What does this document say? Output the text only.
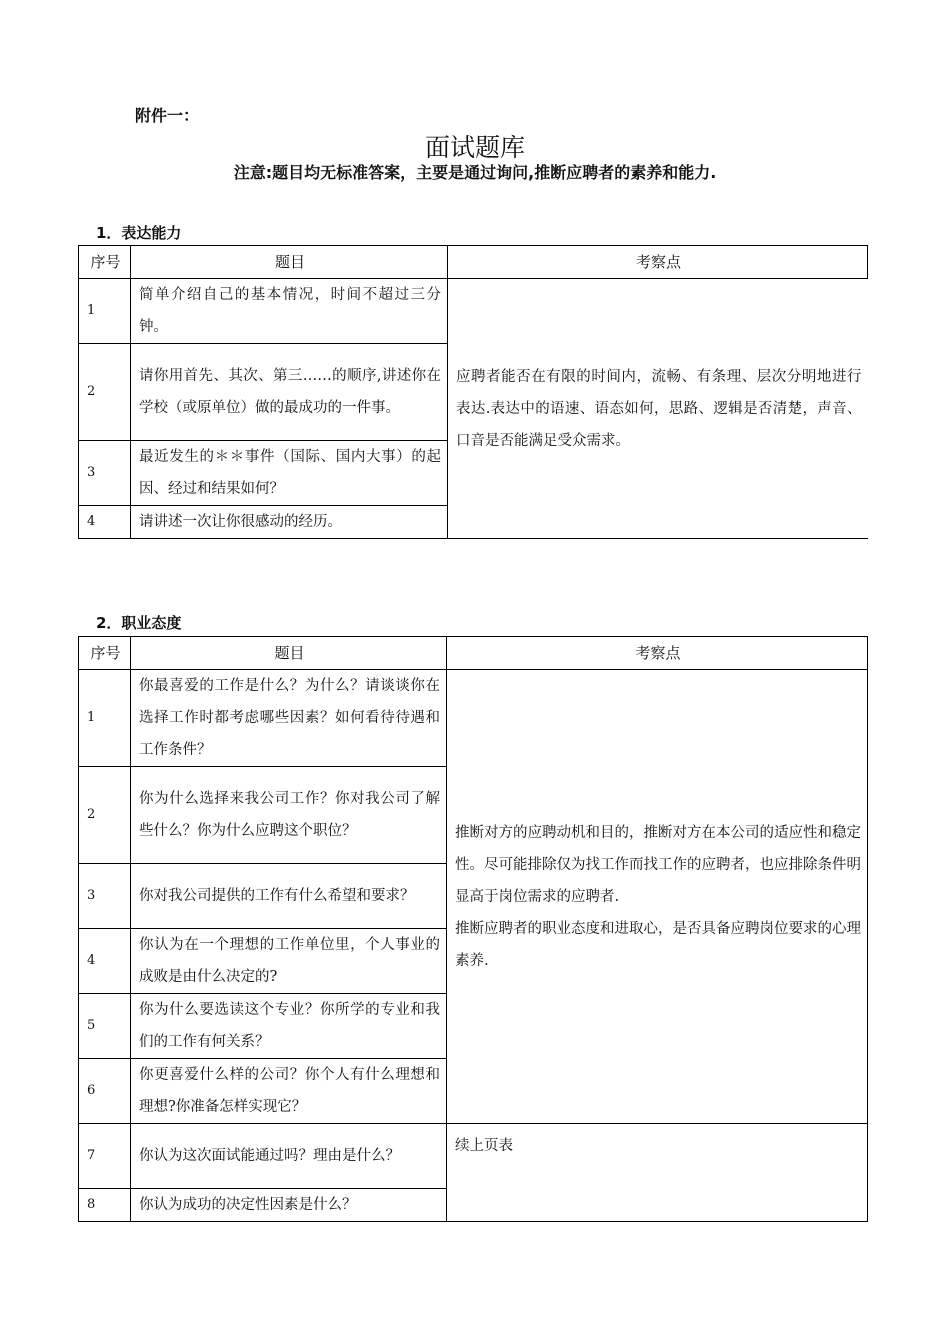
附件一：
面试题库
注意:题目均无标准答案，主要是通过询问,推断应聘者的素养和能力.
1．表达能力
序号	题目	考察点
1	简单介绍自己的基本情况，时间不超过三分钟。	应聘者能否在有限的时间内，流畅、有条理、层次分明地进行表达.表达中的语速、语态如何，思路、逻辑是否清楚，声音、口音是否能满足受众需求。
2	请你用首先、其次、第三……的顺序,讲述你在学校（或原单位）做的最成功的一件事。	
3	最近发生的＊＊事件（国际、国内大事）的起因、经过和结果如何？	
4	请讲述一次让你很感动的经历。	
2．职业态度
序号	题目	考察点
1	你最喜爱的工作是什么？为什么？请谈谈你在选择工作时都考虑哪些因素？如何看待待遇和工作条件？	推断对方的应聘动机和目的，推断对方在本公司的适应性和稳定性。尽可能排除仅为找工作而找工作的应聘者，也应排除条件明显高于岗位需求的应聘者.
推断应聘者的职业态度和进取心，是否具备应聘岗位要求的心理素养.

2	你为什么选择来我公司工作？你对我公司了解些什么？你为什么应聘这个职位？	
3	你对我公司提供的工作有什么希望和要求？	
4	你认为在一个理想的工作单位里，个人事业的成败是由什么决定的?	
5	你为什么要选读这个专业？你所学的专业和我们的工作有何关系？	
6	你更喜爱什么样的公司？你个人有什么理想和理想?你准备怎样实现它？	
7	你认为这次面试能通过吗？理由是什么？	续上页表
8	你认为成功的决定性因素是什么？	
